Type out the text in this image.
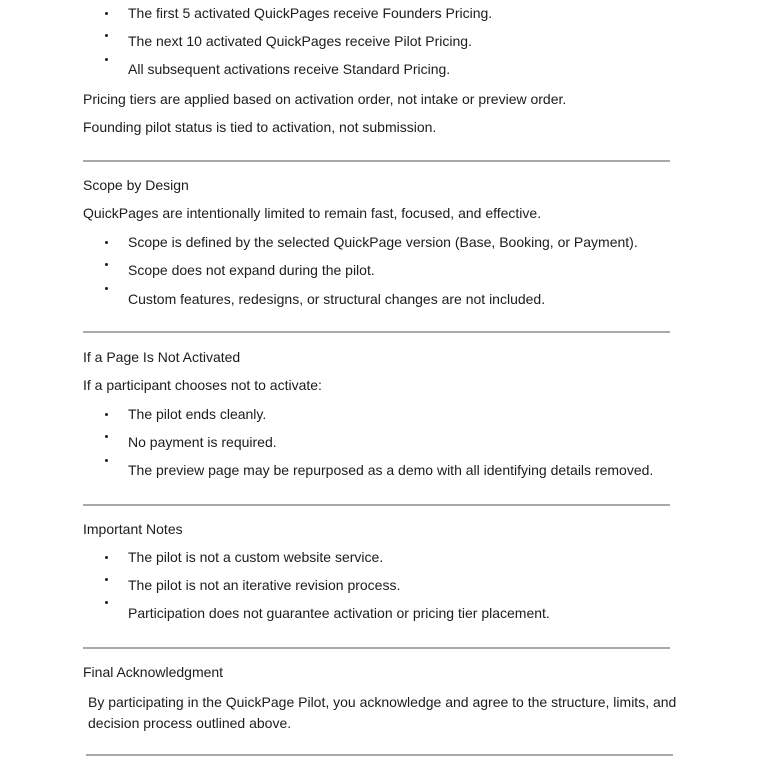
The first 5 activated QuickPages receive Founders Pricing.
The next 10 activated QuickPages receive Pilot Pricing.
All subsequent activations receive Standard Pricing.
Pricing tiers are applied based on activation order, not intake or preview order.
Founding pilot status is tied to activation, not submission.
Scope by Design
QuickPages are intentionally limited to remain fast, focused, and effective.
Scope is defined by the selected QuickPage version (Base, Booking, or Payment).
Scope does not expand during the pilot.
Custom features, redesigns, or structural changes are not included.
If a Page Is Not Activated
If a participant chooses not to activate:
The pilot ends cleanly.
No payment is required.
The preview page may be repurposed as a demo with all identifying details removed.
Important Notes
The pilot is not a custom website service.
The pilot is not an iterative revision process.
Participation does not guarantee activation or pricing tier placement.
Final Acknowledgment
By participating in the QuickPage Pilot, you acknowledge and agree to the structure, limits, and decision process outlined above.
